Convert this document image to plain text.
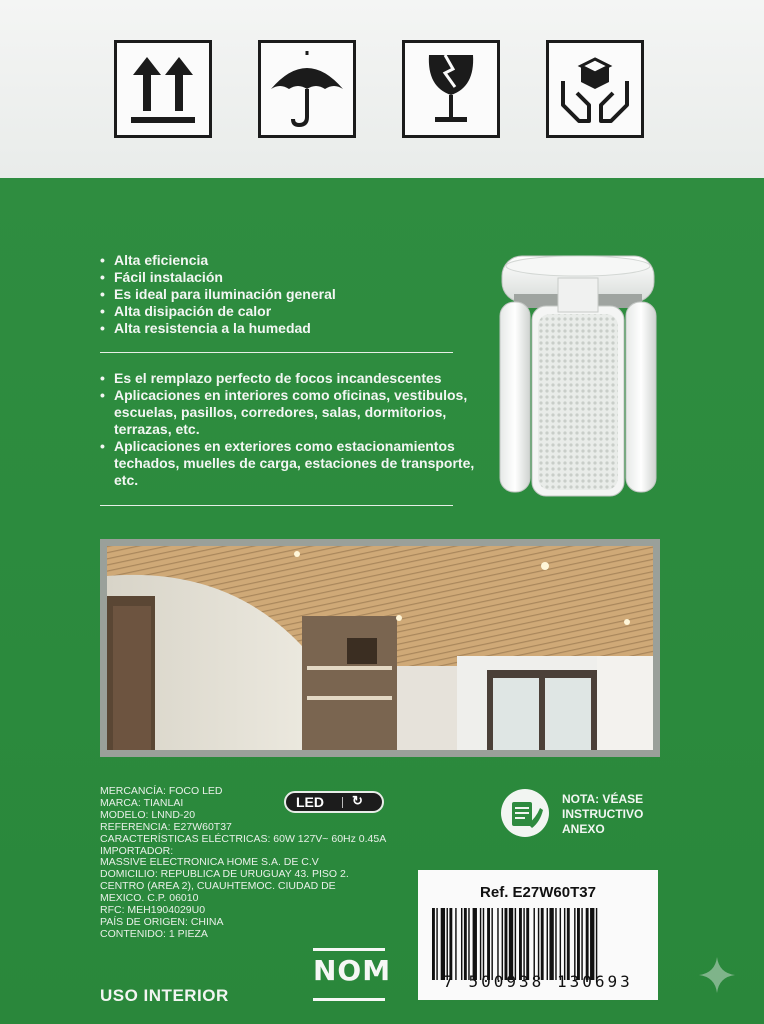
• Alta eficiencia
• Fácil instalación
• Es ideal para iluminación general
• Alta disipación de calor
• Alta resistencia a la humedad
• Es el remplazo perfecto de focos incandescentes
• Aplicaciones en interiores como oficinas, vestibulos, escuelas, pasillos, corredores, salas, dormitorios, terrazas, etc.
• Aplicaciones en exteriores como estacionamientos techados, muelles de carga, estaciones de transporte, etc.
MERCANCÍA: FOCO LED
MARCA: TIANLAI
MODELO: LNND-20
REFERENCIA: E27W60T37
CARACTERÍSTICAS ELÉCTRICAS: 60W 127V~ 60Hz 0.45A
IMPORTADOR:
MASSIVE ELECTRONICA HOME S.A. DE C.V
DOMICILIO: REPUBLICA DE URUGUAY 43. PISO 2.
CENTRO (AREA 2), CUAUHTEMOC. CIUDAD DE
MEXICO. C.P. 06010
RFC: MEH1904029U0
PAÍS DE ORIGEN: CHINA
CONTENIDO: 1 PIEZA
USO INTERIOR
LED ↻
NOM
NOTA: VÉASE
INSTRUCTIVO
ANEXO
Ref. E27W60T37
7 500938 130693
